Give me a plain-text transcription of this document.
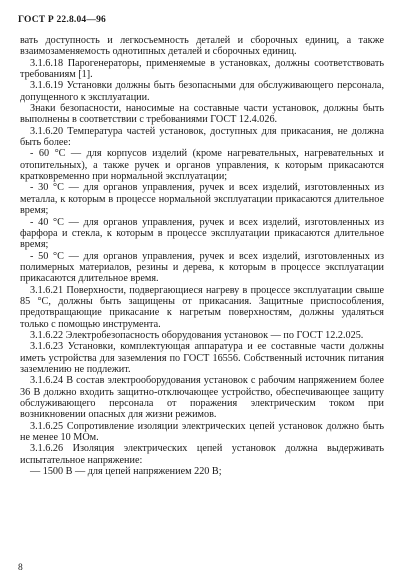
ГОСТ Р 22.8.04—96

вать доступность и легкосъемность деталей и сборочных единиц, а также взаимозаменяемость однотипных деталей и сборочных единиц.

3.1.6.18 Парогенераторы, применяемые в установках, должны соответствовать требованиям [1].

3.1.6.19 Установки должны быть безопасными для обслуживающего персонала, допущенного к эксплуатации.

Знаки безопасности, наносимые на составные части установок, должны быть выполнены в соответствии с требованиями ГОСТ 12.4.026.

3.1.6.20 Температура частей установок, доступных для прикасания, не должна быть более:

- 60 °С — для корпусов изделий (кроме нагревательных, нагревательных и отопительных), а также ручек и органов управления, к которым прикасаются кратковременно при нормальной эксплуатации;

- 30 °С — для органов управления, ручек и всех изделий, изготовленных из металла, к которым в процессе нормальной эксплуатации прикасаются длительное время;

- 40 °С — для органов управления, ручек и всех изделий, изготовленных из фарфора и стекла, к которым в процессе эксплуатации прикасаются длительное время;

- 50 °С — для органов управления, ручек и всех изделий, изготовленных из полимерных материалов, резины и дерева, к которым в процессе эксплуатации прикасаются длительное время.

3.1.6.21 Поверхности, подвергающиеся нагреву в процессе эксплуатации свыше 85 °С, должны быть защищены от прикасания. Защитные приспособления, предотвращающие прикасание к нагретым поверхностям, должны удаляться только с помощью инструмента.

3.1.6.22 Электробезопасность оборудования установок — по ГОСТ 12.2.025.

3.1.6.23 Установки, комплектующая аппаратура и ее составные части должны иметь устройства для заземления по ГОСТ 16556. Собственный источник питания заземлению не подлежит.

3.1.6.24 В состав электрооборудования установок с рабочим напряжением более 36 В должно входить защитно-отключающее устройство, обеспечивающее защиту обслуживающего персонала от поражения электрическим током при возникновении опасных для жизни режимов.

3.1.6.25 Сопротивление изоляции электрических цепей установок должно быть не менее 10 МОм.

3.1.6.26 Изоляция электрических цепей установок должна выдерживать испытательное напряжение:

— 1500 В — для цепей напряжением 220 В;

8
